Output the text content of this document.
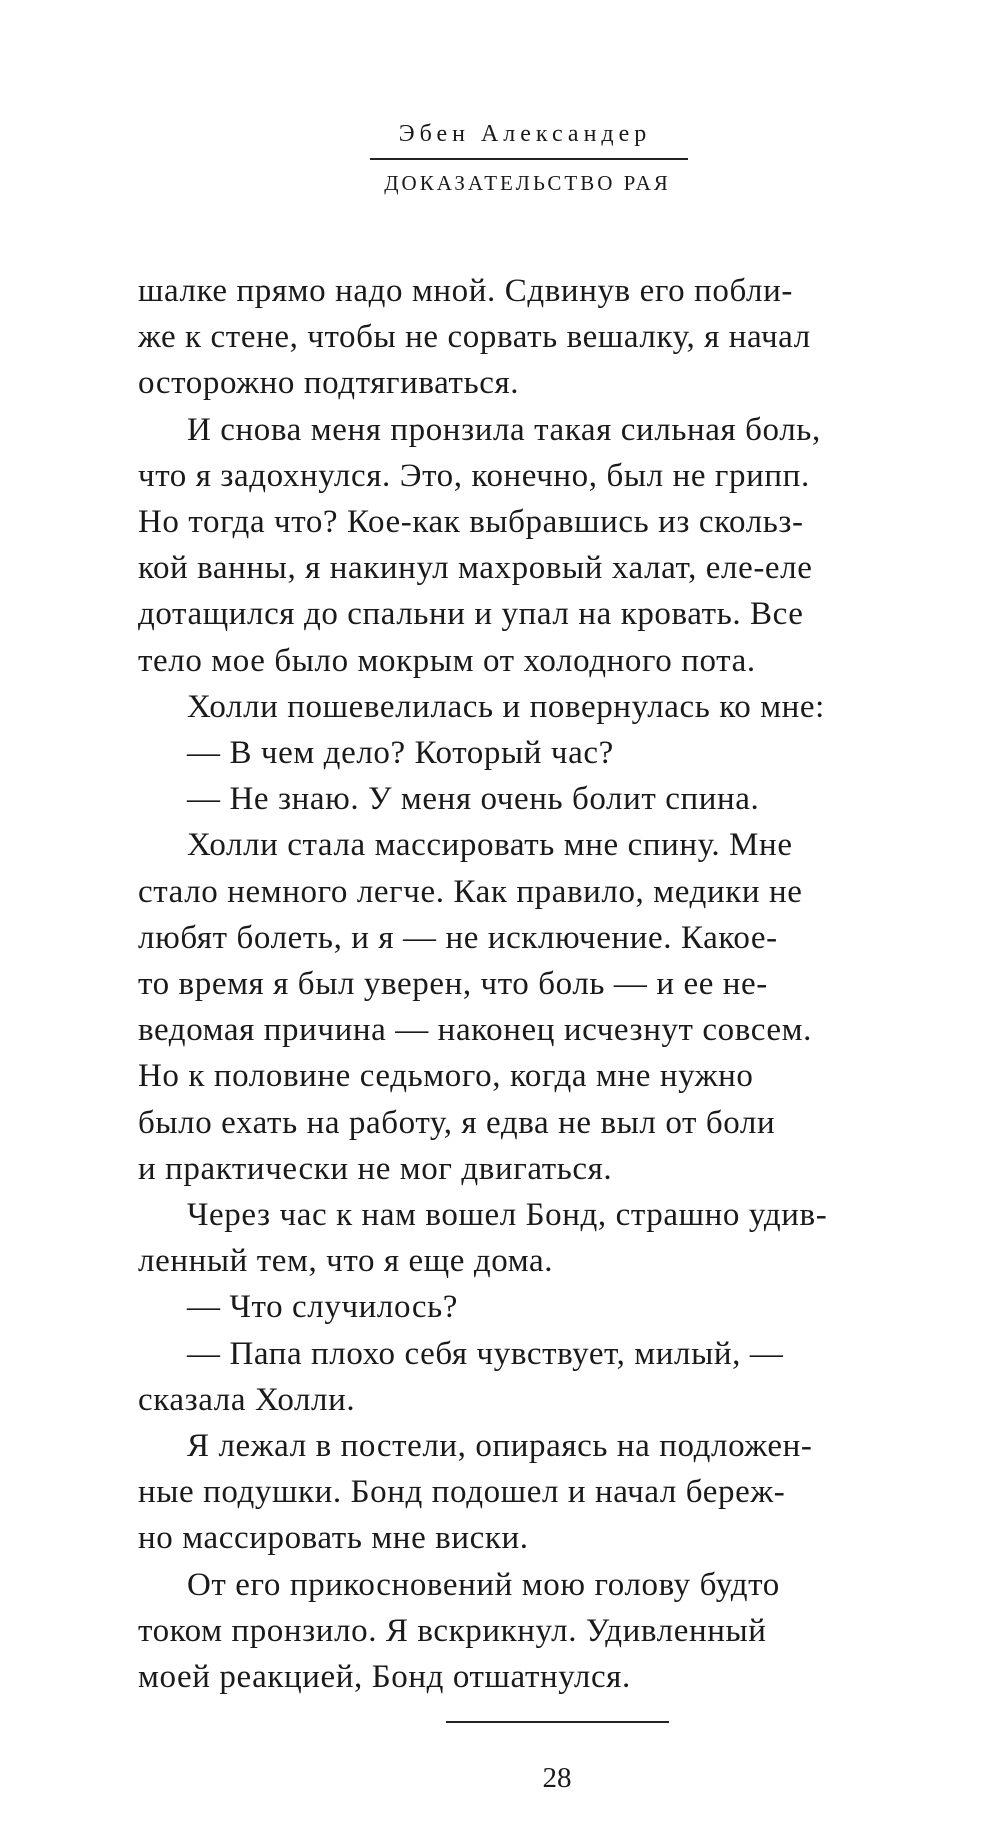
Эбен Александер
ДОКАЗАТЕЛЬСТВО РАЯ

шалке прямо надо мной. Сдвинув его побли-

же к стене, чтобы не сорвать вешалку, я начал

осторожно подтягиваться.

И снова меня пронзила такая сильная боль,

что я задохнулся. Это, конечно, был не грипп.

Но тогда что? Кое-как выбравшись из скольз-

кой ванны, я накинул махровый халат, еле-еле

дотащился до спальни и упал на кровать. Все

тело мое было мокрым от холодного пота.

Холли пошевелилась и повернулась ко мне:

— В чем дело? Который час?

— Не знаю. У меня очень болит спина.

Холли стала массировать мне спину. Мне

стало немного легче. Как правило, медики не

любят болеть, и я — не исключение. Какое-

то время я был уверен, что боль — и ее не-

ведомая причина — наконец исчезнут совсем.

Но к половине седьмого, когда мне нужно

было ехать на работу, я едва не выл от боли

и практически не мог двигаться.

Через час к нам вошел Бонд, страшно удив-

ленный тем, что я еще дома.

— Что случилось?

— Папа плохо себя чувствует, милый, —

сказала Холли.

Я лежал в постели, опираясь на подложен-

ные подушки. Бонд подошел и начал береж-

но массировать мне виски.

От его прикосновений мою голову будто

током пронзило. Я вскрикнул. Удивленный

моей реакцией, Бонд отшатнулся.

28
